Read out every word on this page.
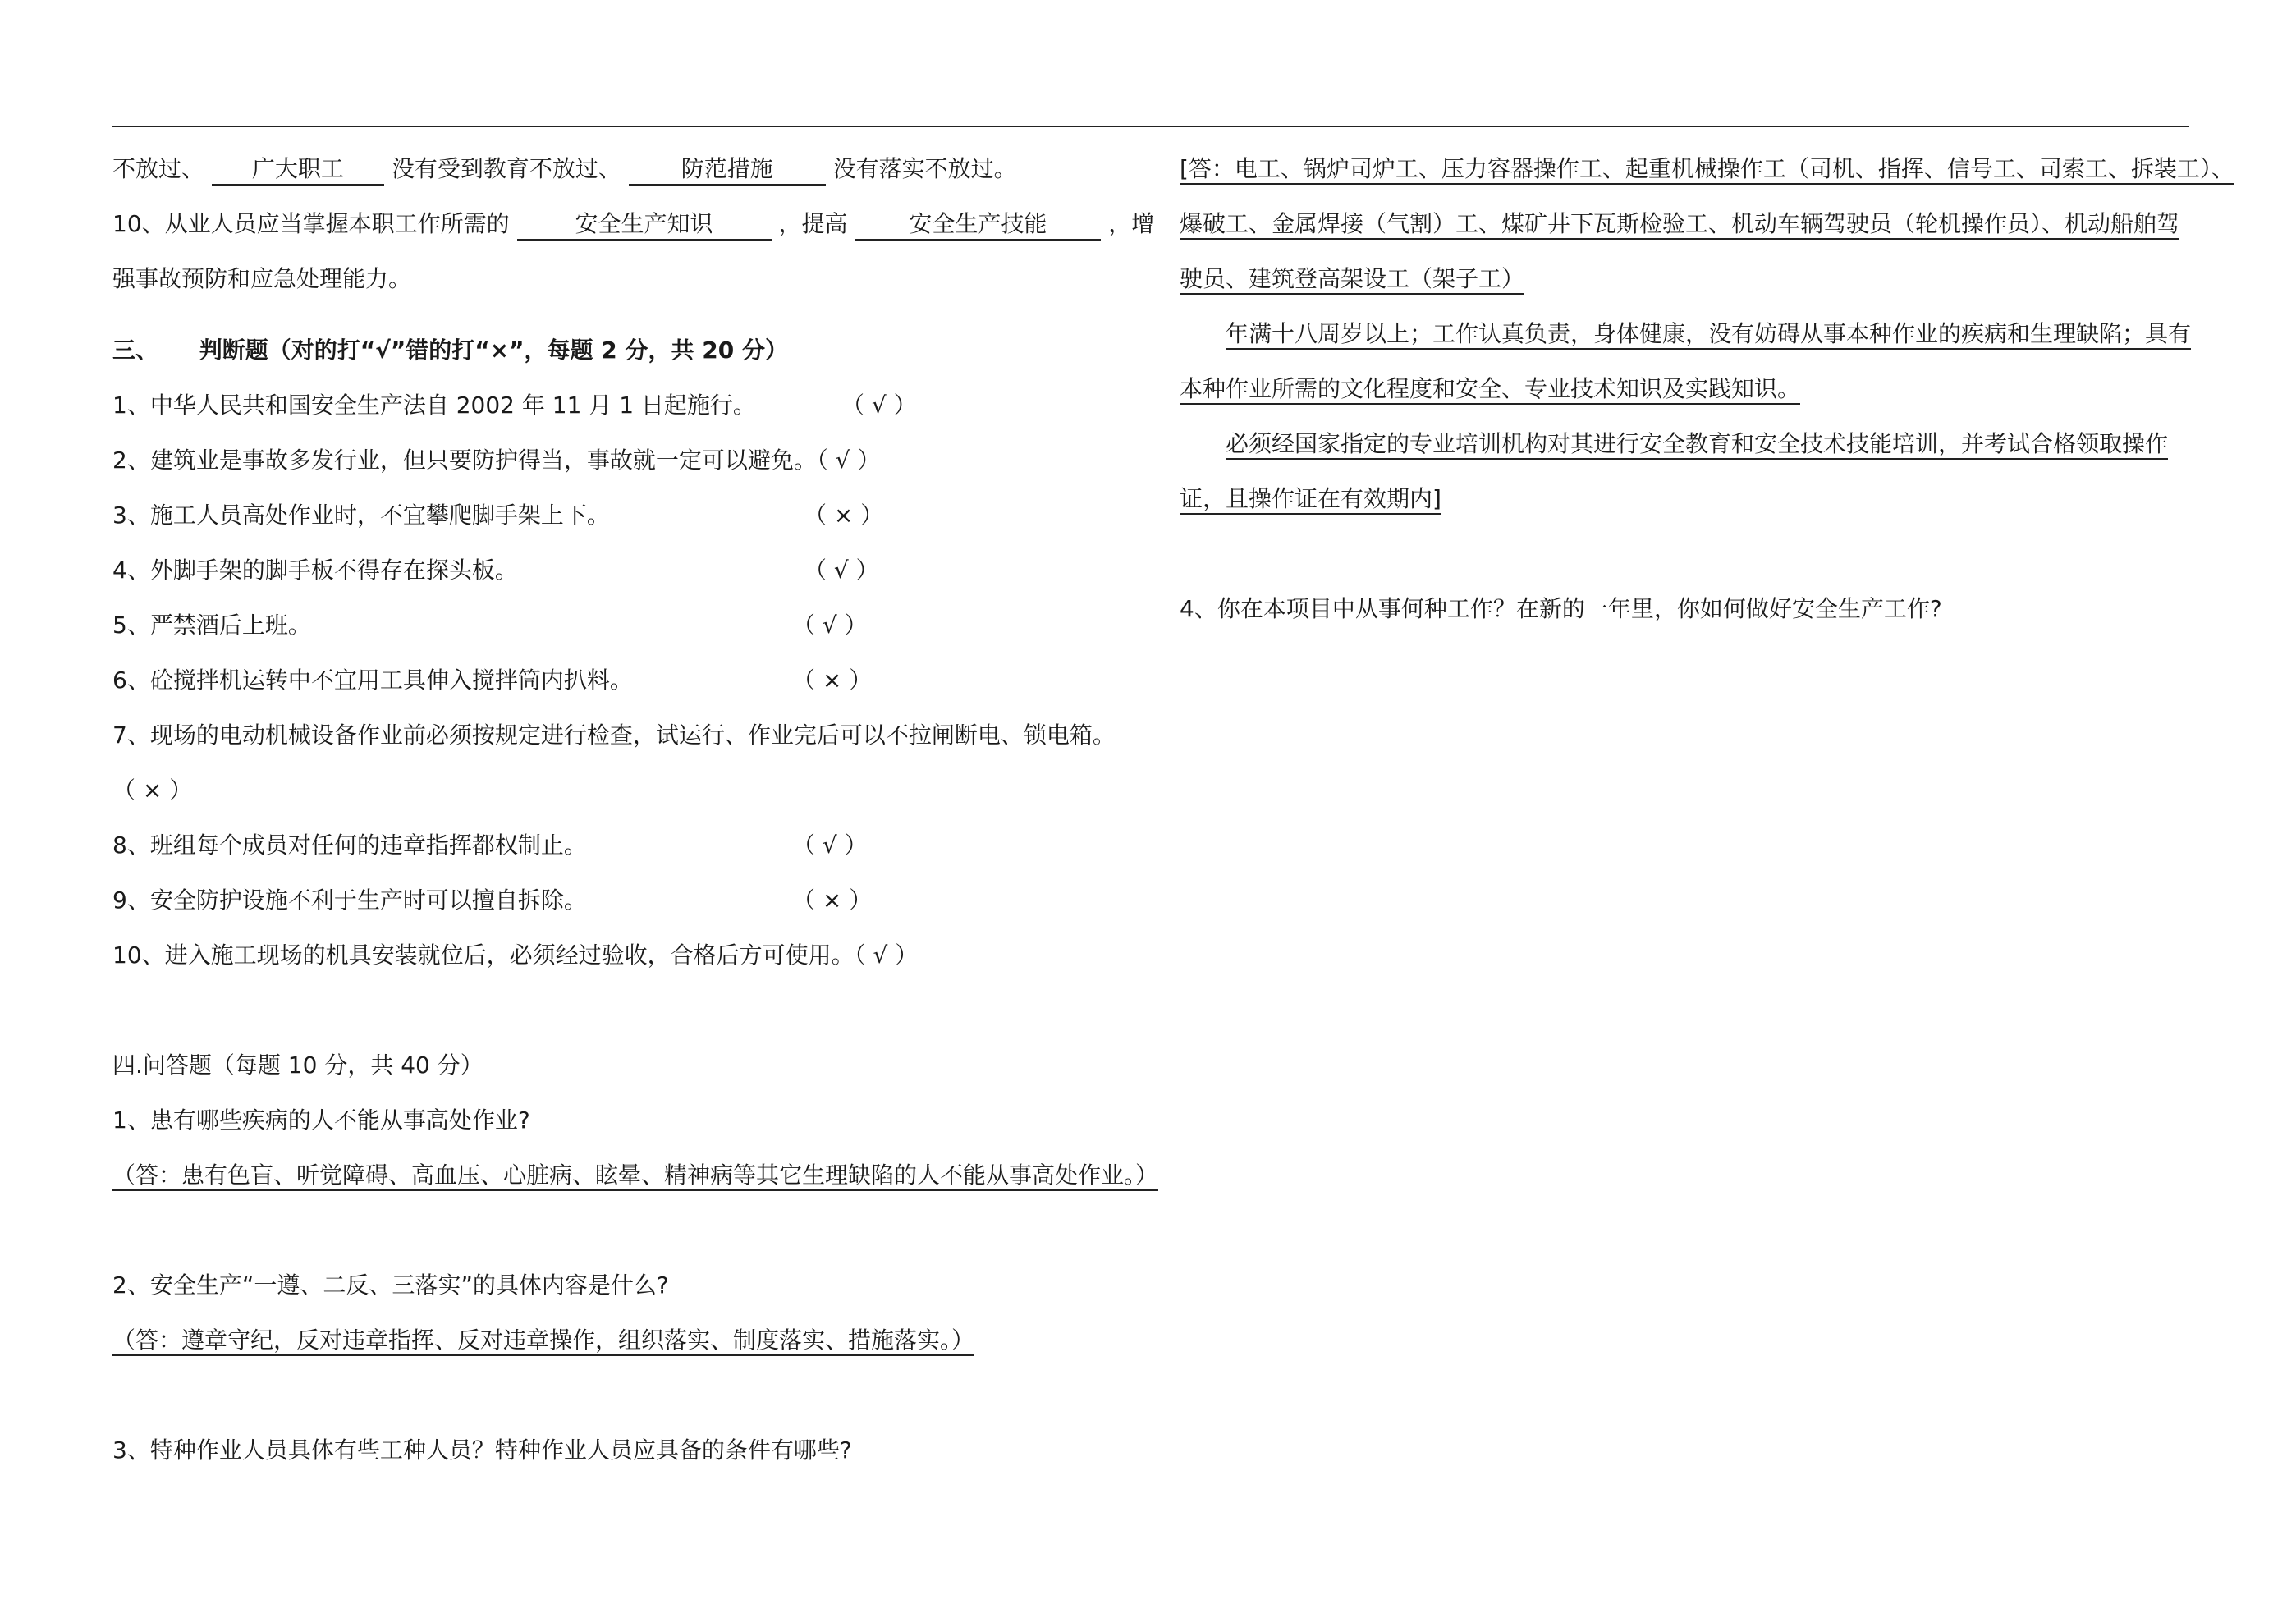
不放过、 广大职工 没有受到教育不放过、	防范措施	没有落实不放过。
10、从业人员应当掌握本职工作所需的	安全生产知识	，提高	安全生产技能	，增
强事故预防和应急处理能力。
三、 判断题（对的打“√”错的打“×”，每题 2 分，共 20 分）
1、中华人民共和国安全生产法自 2002 年 11 月 1 日起施行。	（ √ ）
2、建筑业是事故多发行业，但只要防护得当，事故就一定可以避免。（ √ ）
3、施工人员高处作业时，不宜攀爬脚手架上下。	（ × ）
4、外脚手架的脚手板不得存在探头板。	（ √ ）
5、严禁酒后上班。	（ √ ）
6、砼搅拌机运转中不宜用工具伸入搅拌筒内扒料。	（ × ）
7、现场的电动机械设备作业前必须按规定进行检查，试运行、作业完后可以不拉闸断电、锁电箱。
（ × ）
8、班组每个成员对任何的违章指挥都权制止。	（ √ ）
9、安全防护设施不利于生产时可以擅自拆除。	（ × ）
10、进入施工现场的机具安装就位后，必须经过验收，合格后方可使用。（ √ ）
四.问答题（每题 10 分，共 40 分）
1、患有哪些疾病的人不能从事高处作业?
（答：患有色盲、听觉障碍、高血压、心脏病、眩晕、精神病等其它生理缺陷的人不能从事高处作业。）
2、安全生产“一遵、二反、三落实”的具体内容是什么?
（答：遵章守纪，反对违章指挥、反对违章操作，组织落实、制度落实、措施落实。）
3、特种作业人员具体有些工种人员？特种作业人员应具备的条件有哪些?
[答：电工、锅炉司炉工、压力容器操作工、起重机械操作工（司机、指挥、信号工、司索工、拆装工）、
爆破工、金属焊接（气割）工、煤矿井下瓦斯检验工、机动车辆驾驶员（轮机操作员）、机动船舶驾
驶员、建筑登高架设工（架子工）
年满十八周岁以上；工作认真负责，身体健康，没有妨碍从事本种作业的疾病和生理缺陷；具有
本种作业所需的文化程度和安全、专业技术知识及实践知识。
必须经国家指定的专业培训机构对其进行安全教育和安全技术技能培训，并考试合格领取操作
证，且操作证在有效期内]
4、你在本项目中从事何种工作？在新的一年里，你如何做好安全生产工作?
